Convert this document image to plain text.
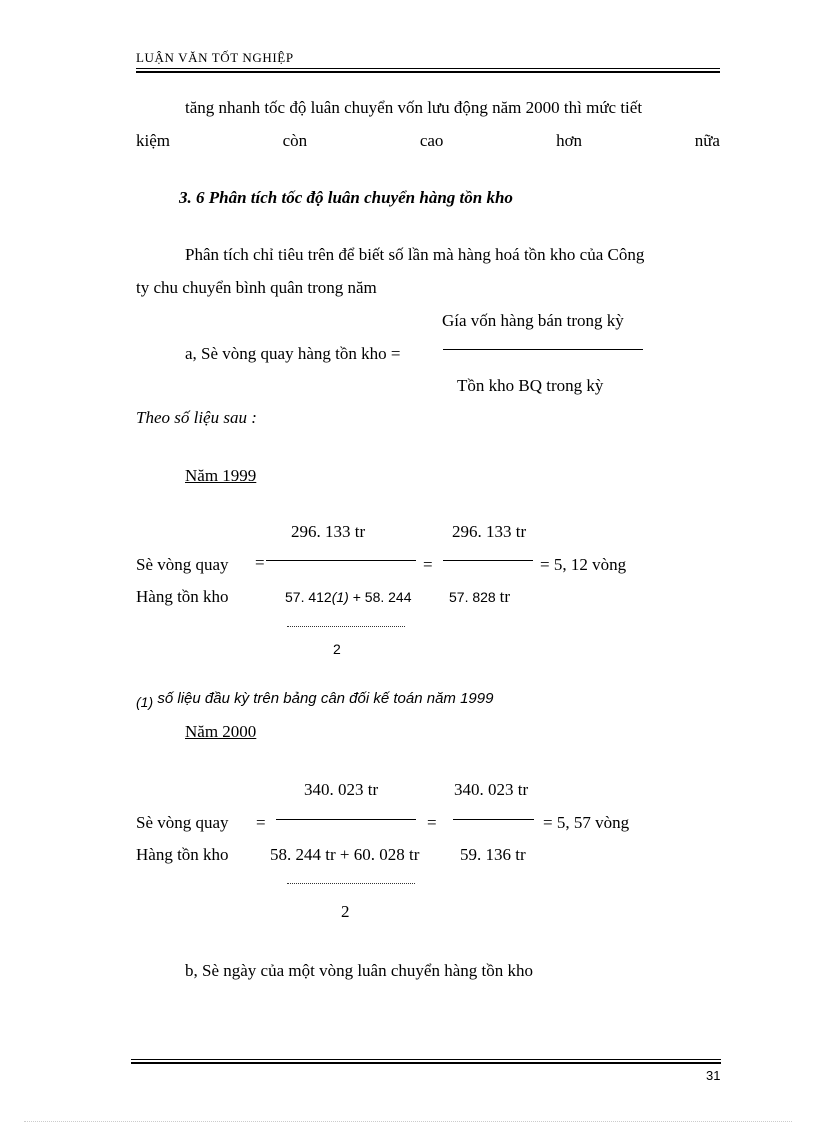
LUẬN VĂN TỐT NGHIỆP
tăng nhanh tốc độ luân chuyển vốn lưu động năm 2000 thì mức tiết
kiệm	còn	cao	hơn	nữa
3. 6 Phân tích tốc độ luân chuyển hàng tồn kho
Phân tích chỉ tiêu trên để biết số lần mà hàng hoá tồn kho của Công
ty chu chuyển bình quân trong năm
Gía vốn hàng bán trong kỳ
a, Sè vòng quay hàng tồn kho =
Tồn kho BQ trong kỳ
Theo số liệu sau :
Năm 1999
296. 133 tr	296. 133 tr
Sè vòng quay =	=	= 5, 12 vòng
Hàng tồn kho	57. 412(1) + 58. 244	57. 828 tr
2
(1) số liệu đầu kỳ trên bảng cân đối kế toán năm 1999
Năm 2000
340. 023 tr	340. 023 tr
Sè vòng quay =	=	= 5, 57 vòng
Hàng tồn kho 58. 244 tr + 60. 028 tr 59. 136 tr
2
b, Sè ngày của một vòng luân chuyển hàng tồn kho
31
